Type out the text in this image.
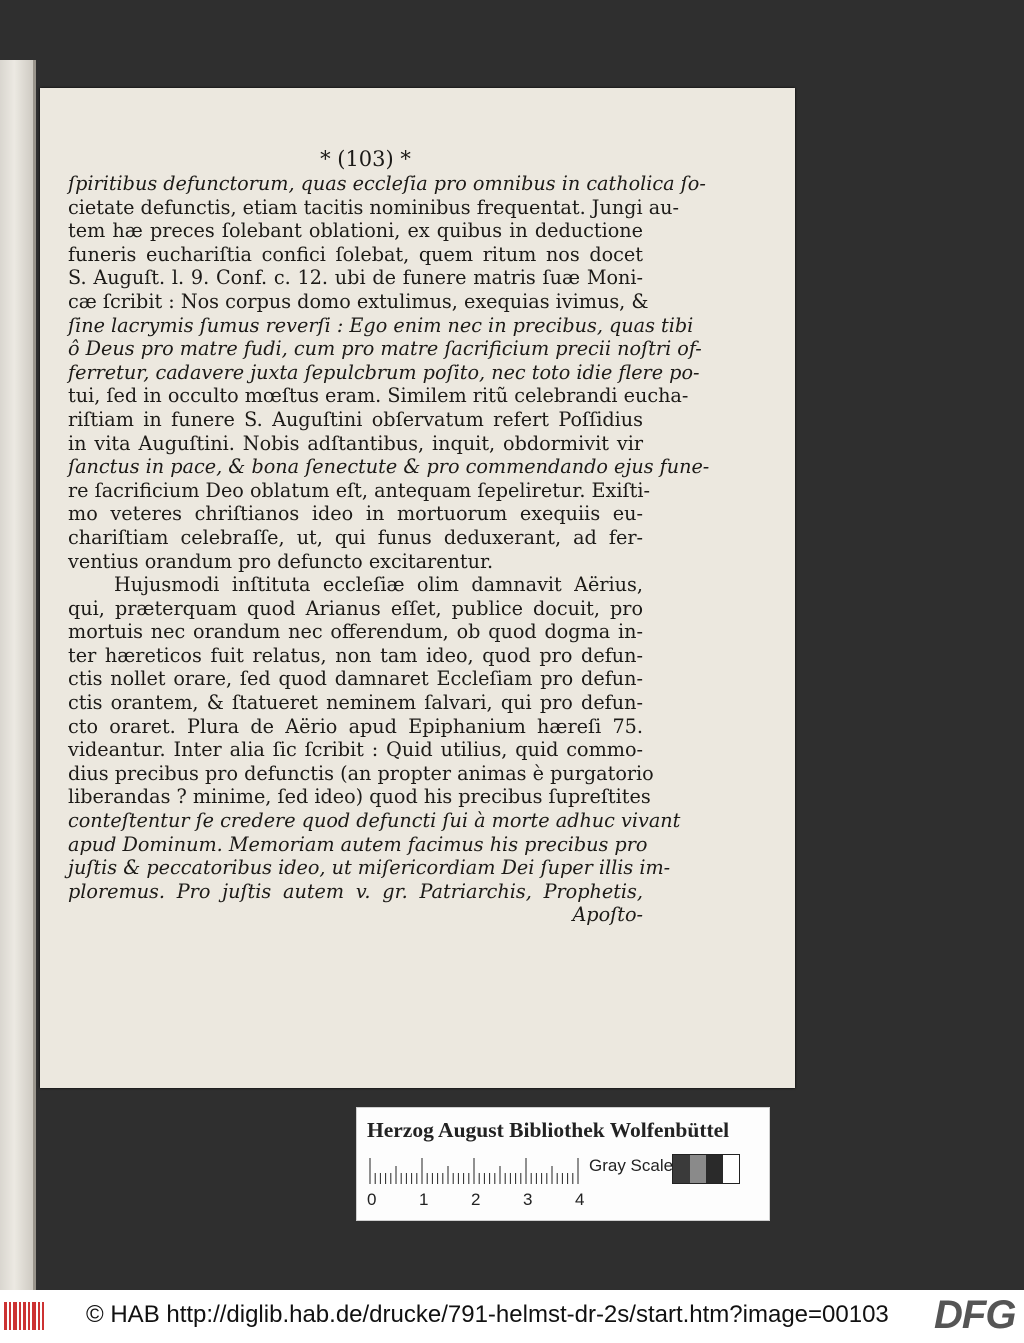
* (103) *
ſpiritibus defunctorum, quas eccleſia pro omnibus in catholica ſo-
cietate defunctis, etiam tacitis nominibus frequentat. Jungi au-
tem hæ preces ſolebant oblationi, ex quibus in deductione
funeris euchariſtia confici ſolebat, quem ritum nos docet
S. Auguſt. l. 9. Conf. c. 12. ubi de funere matris ſuæ Moni-
cæ ſcribit : Nos corpus domo extulimus, exequias ivimus, &
ſine lacrymis ſumus reverſi : Ego enim nec in precibus, quas tibi
ô Deus pro matre fudi, cum pro matre ſacrificium precii noſtri of-
ferretur, cadavere juxta ſepulcbrum poſito, nec toto idie flere po-
tui, ſed in occulto mœſtus eram. Similem ritũ celebrandi eucha-
riſtiam in funere S. Auguſtini obſervatum refert Poſſidius
in vita Auguſtini. Nobis adſtantibus, inquit, obdormivit vir
ſanctus in pace, & bona ſenectute & pro commendando ejus fune-
re ſacrificium Deo oblatum eſt, antequam ſepeliretur. Exiſti-
mo veteres chriſtianos ideo in mortuorum exequiis eu-
chariſtiam celebraſſe, ut, qui funus deduxerant, ad fer-
ventius orandum pro defuncto excitarentur.
Hujusmodi inſtituta eccleſiæ olim damnavit Aërius,
qui, præterquam quod Arianus eſſet, publice docuit, pro
mortuis nec orandum nec offerendum, ob quod dogma in-
ter hæreticos fuit relatus, non tam ideo, quod pro defun-
ctis nollet orare, ſed quod damnaret Eccleſiam pro defun-
ctis orantem, & ſtatueret neminem ſalvari, qui pro defun-
cto oraret. Plura de Aërio apud Epiphanium hæreſi 75.
videantur. Inter alia ſic ſcribit : Quid utilius, quid commo-
dius precibus pro defunctis (an propter animas è purgatorio
liberandas ? minime, ſed ideo) quod his precibus ſupreſtites
conteſtentur ſe credere quod defuncti ſui à morte adhuc vivant
apud Dominum. Memoriam autem facimus his precibus pro
juſtis & peccatoribus ideo, ut miſericordiam Dei ſuper illis im-
ploremus. Pro juſtis autem v. gr. Patriarchis, Prophetis,
Apoſto-
Herzog August Bibliothek Wolfenbüttel
Gray Scale
0	1	2	3	4
© HAB http://diglib.hab.de/drucke/791-helmst-dr-2s/start.htm?image=00103 DFG
